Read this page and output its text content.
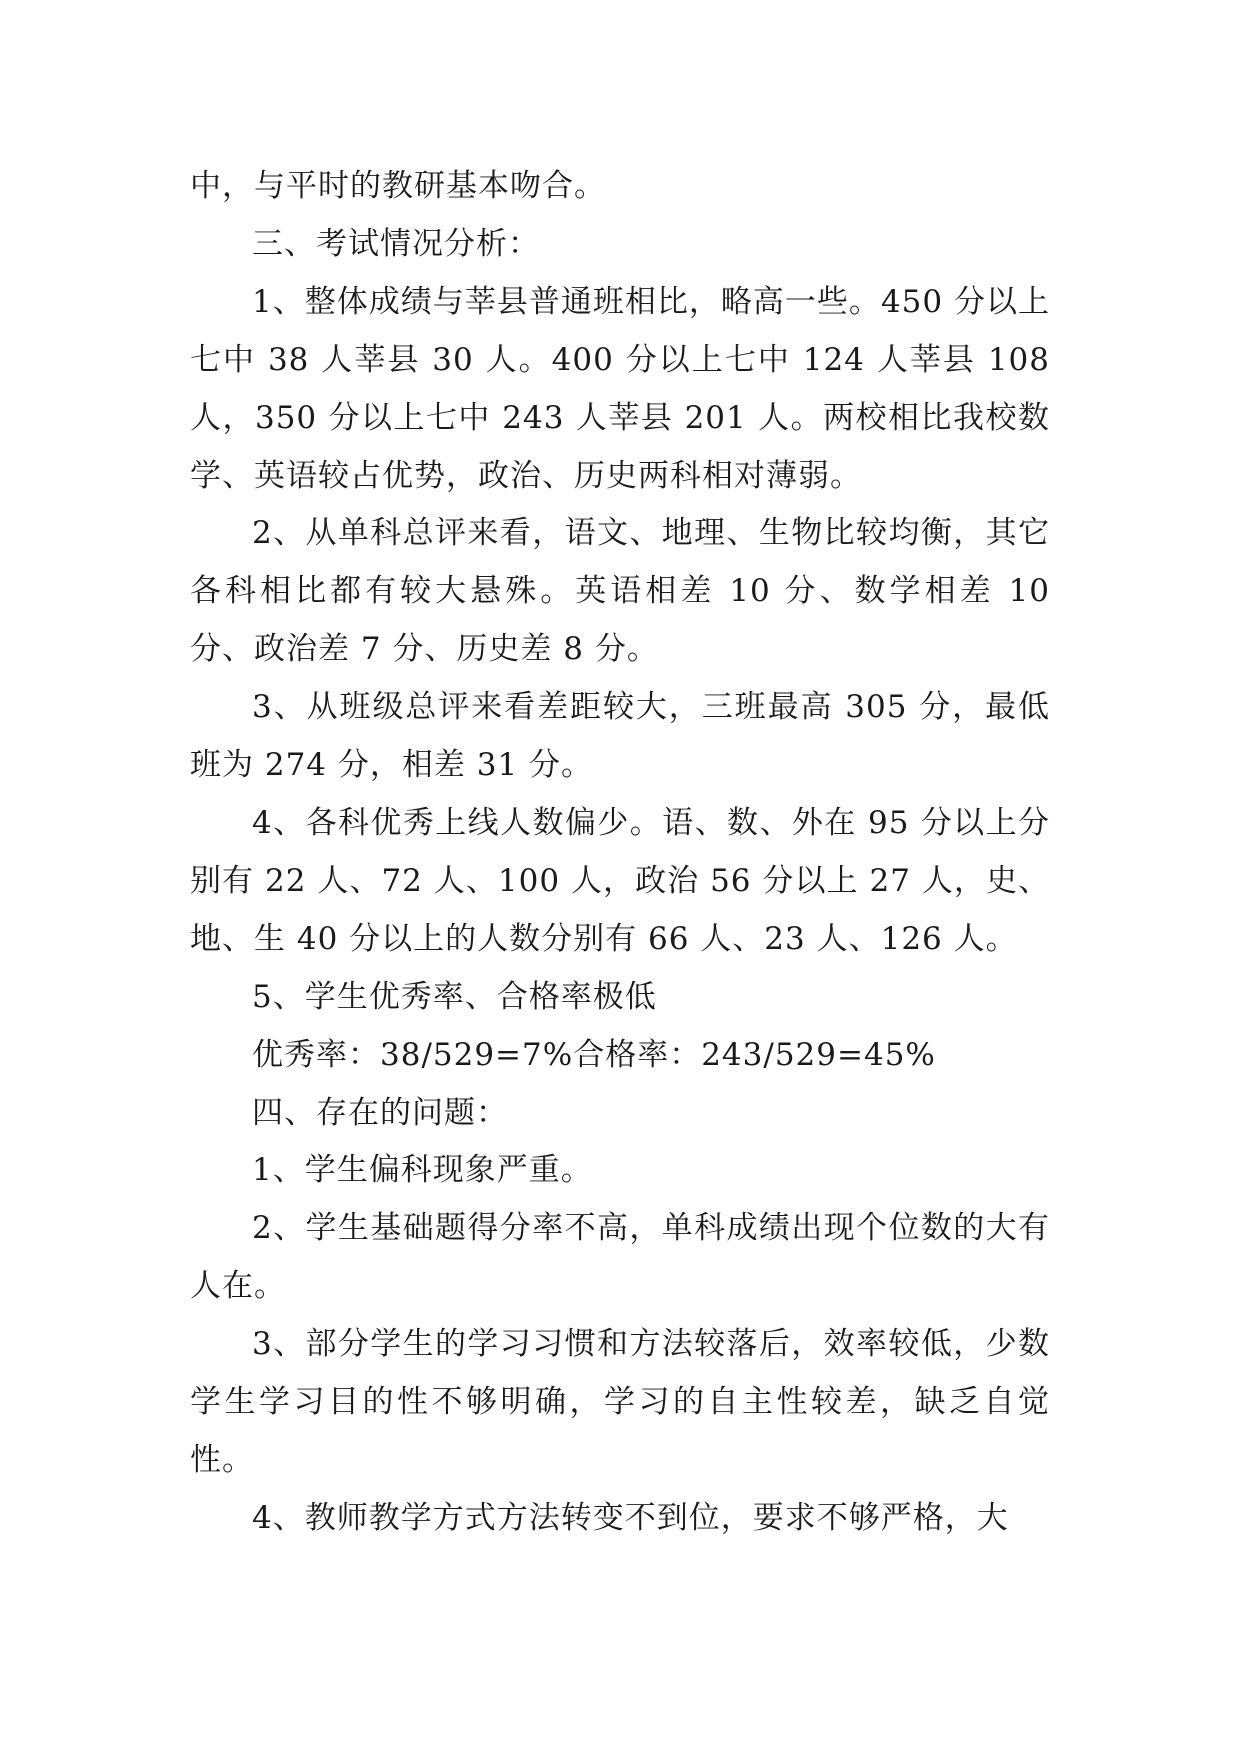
中，与平时的教研基本吻合。

三、考试情况分析：

1、整体成绩与莘县普通班相比，略高一些。450 分以上七中 38 人莘县 30 人。400 分以上七中 124 人莘县 108 人，350 分以上七中 243 人莘县 201 人。两校相比我校数学、英语较占优势，政治、历史两科相对薄弱。

2、从单科总评来看，语文、地理、生物比较均衡，其它各科相比都有较大悬殊。英语相差 10 分、数学相差 10 分、政治差 7 分、历史差 8 分。

3、从班级总评来看差距较大，三班最高 305 分，最低班为 274 分，相差 31 分。

4、各科优秀上线人数偏少。语、数、外在 95 分以上分别有 22 人、72 人、100 人，政治 56 分以上 27 人，史、地、生 40 分以上的人数分别有 66 人、23 人、126 人。

5、学生优秀率、合格率极低

优秀率：38/529=7%合格率：243/529=45%

四、存在的问题：

1、学生偏科现象严重。

2、学生基础题得分率不高，单科成绩出现个位数的大有人在。

3、部分学生的学习习惯和方法较落后，效率较低，少数学生学习目的性不够明确，学习的自主性较差，缺乏自觉性。

4、教师教学方式方法转变不到位，要求不够严格，大
